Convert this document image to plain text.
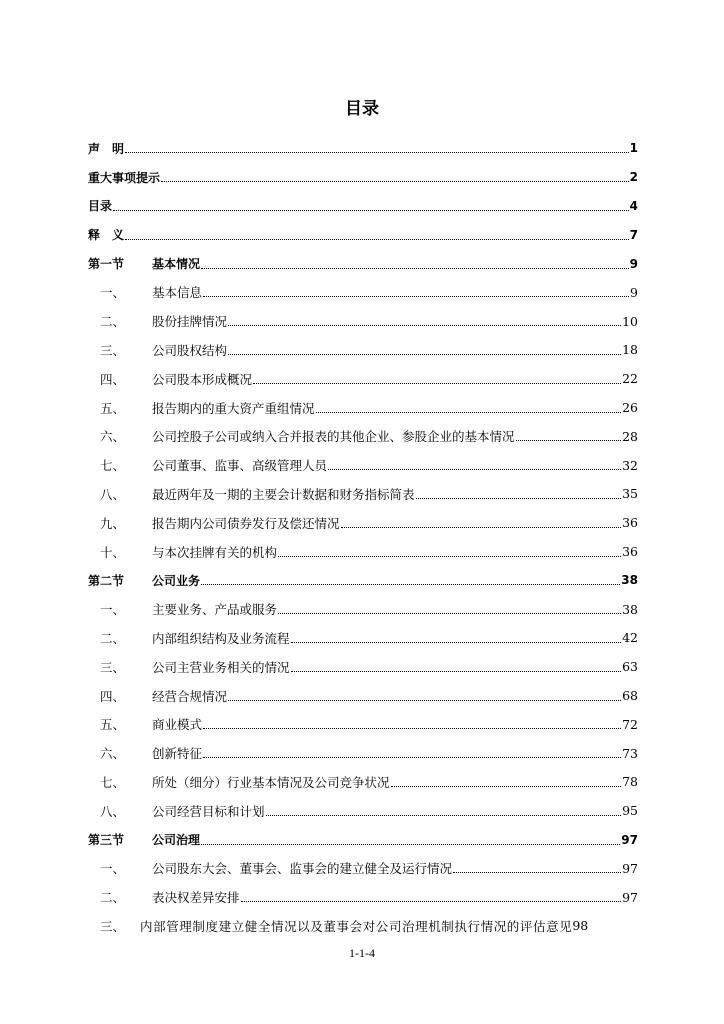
目录
声　明	1
重大事项提示	2
目录	4
释　义	7
第一节	基本情况	9
一、	基本信息	9
二、	股份挂牌情况	10
三、	公司股权结构	18
四、	公司股本形成概况	22
五、	报告期内的重大资产重组情况	26
六、	公司控股子公司或纳入合并报表的其他企业、参股企业的基本情况	28
七、	公司董事、监事、高级管理人员	32
八、	最近两年及一期的主要会计数据和财务指标简表	35
九、	报告期内公司债券发行及偿还情况	36
十、	与本次挂牌有关的机构	36
第二节	公司业务	38
一、	主要业务、产品或服务	38
二、	内部组织结构及业务流程	42
三、	公司主营业务相关的情况	63
四、	经营合规情况	68
五、	商业模式	72
六、	创新特征	73
七、	所处（细分）行业基本情况及公司竞争状况	78
八、	公司经营目标和计划	95
第三节	公司治理	97
一、	公司股东大会、董事会、监事会的建立健全及运行情况	97
二、	表决权差异安排	97
三、	内部管理制度建立健全情况以及董事会对公司治理机制执行情况的评估意见 98
1-1-4
